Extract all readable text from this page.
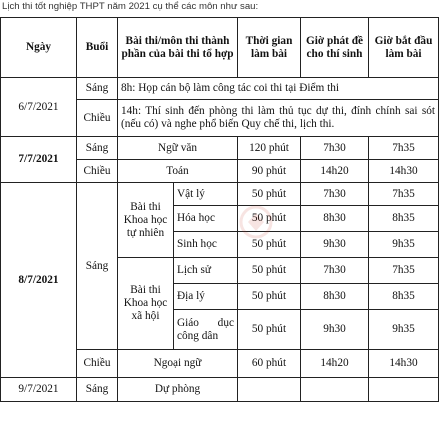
Lịch thi tốt nghiệp THPT năm 2021 cụ thể các môn như sau:
Ngày	Buổi	Bài thi/môn thi thành phần của bài thi tổ hợp		Thời gian làm bài	Giờ phát đề cho thí sinh	Giờ bắt đầu làm bài
6/7/2021	Sáng	8h: Họp cán bộ làm công tác coi thi tại Điểm thi				
	Chiều	14h: Thí sinh đến phòng thi làm thủ tục dự thi, đính chính sai sót (nếu có) và nghe phổ biến Quy chế thi, lịch thi.				
7/7/2021	Sáng	Ngữ văn		120 phút	7h30	7h35
	Chiều	Toán		90 phút	14h20	14h30
8/7/2021	Sáng	Bài thi Khoa học tự nhiên	Vật lý	50 phút	7h30	7h35
			Hóa học	50 phút	8h30	8h35
			Sinh học	50 phút	9h30	9h35
		Bài thi Khoa học xã hội	Lịch sử	50 phút	7h30	7h35
			Địa lý	50 phút	8h30	8h35
			Giáo dục công dân	50 phút	9h30	9h35
	Chiều	Ngoại ngữ		60 phút	14h20	14h30
9/7/2021	Sáng	Dự phòng				
